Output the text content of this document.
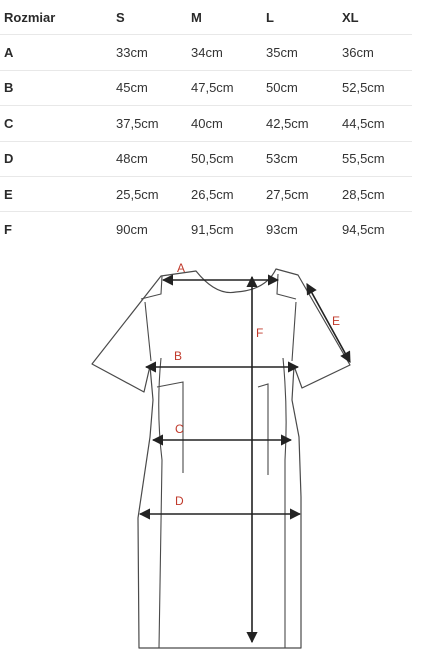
Rozmiar	S	M	L	XL
A	33cm	34cm	35cm	36cm
B	45cm	47,5cm 50cm	52,5cm
C	37,5cm 40cm	42,5cm	44,5cm
D	48cm	50,5cm 53cm	55,5cm
E	25,5cm 26,5cm 27,5cm	28,5cm
F	90cm	91,5cm 93cm	94,5cm
A
B
C
D
E
F
